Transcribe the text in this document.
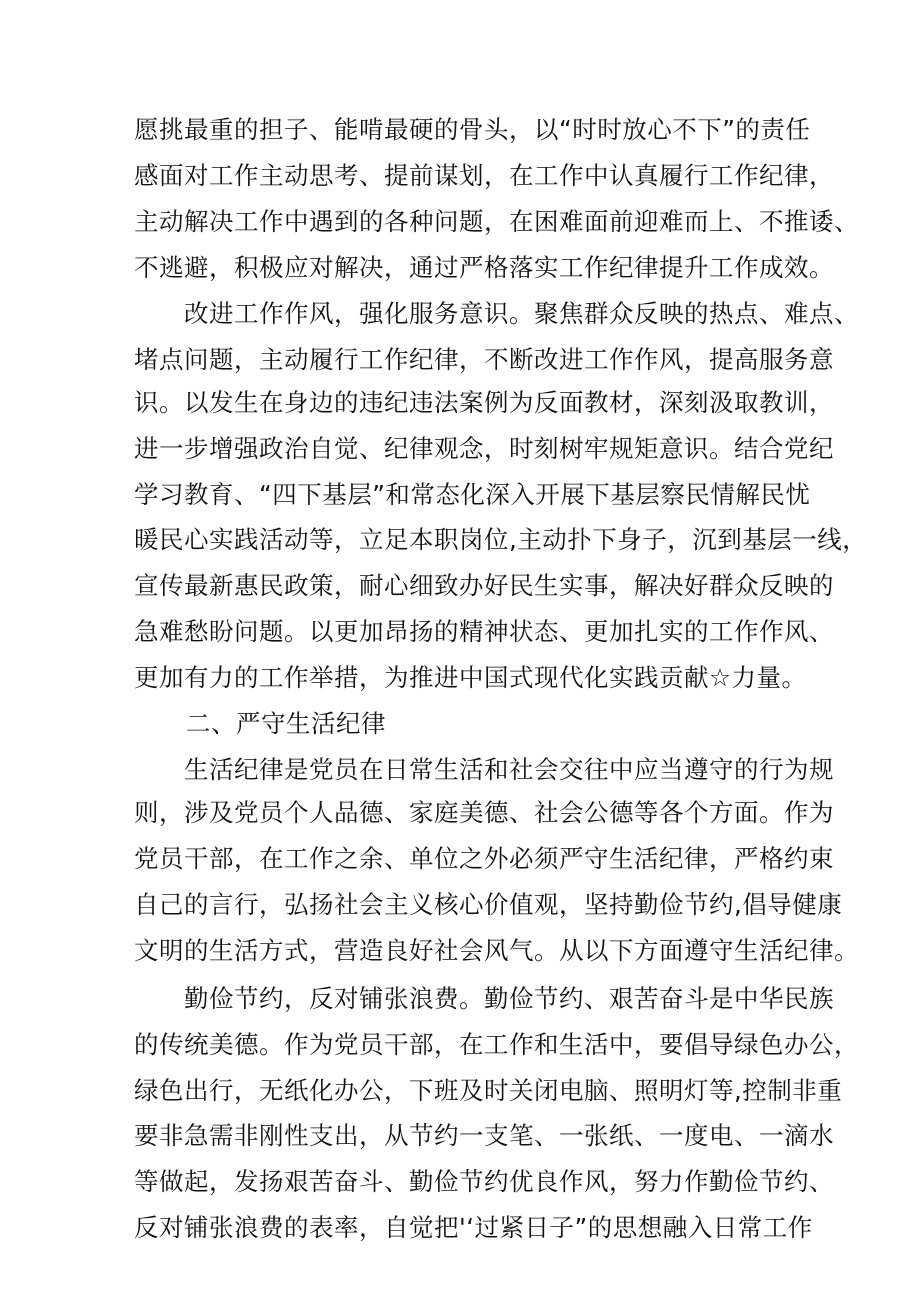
愿挑最重的担子、能啃最硬的骨头，以“时时放心不下”的责任
感面对工作主动思考、提前谋划，在工作中认真履行工作纪律，
主动解决工作中遇到的各种问题，在困难面前迎难而上、不推诿、
不逃避，积极应对解决，通过严格落实工作纪律提升工作成效。
改进工作作风，强化服务意识。聚焦群众反映的热点、难点、
堵点问题，主动履行工作纪律，不断改进工作作风，提高服务意
识。以发生在身边的违纪违法案例为反面教材，深刻汲取教训，
进一步增强政治自觉、纪律观念，时刻树牢规矩意识。结合党纪
学习教育、“四下基层”和常态化深入开展下基层察民情解民忧
暖民心实践活动等，立足本职岗位,主动扑下身子，沉到基层一线，
宣传最新惠民政策，耐心细致办好民生实事，解决好群众反映的
急难愁盼问题。以更加昂扬的精神状态、更加扎实的工作作风、
更加有力的工作举措，为推进中国式现代化实践贡献☆力量。
二、严守生活纪律
生活纪律是党员在日常生活和社会交往中应当遵守的行为规
则，涉及党员个人品德、家庭美德、社会公德等各个方面。作为
党员干部，在工作之余、单位之外必须严守生活纪律，严格约束
自己的言行，弘扬社会主义核心价值观，坚持勤俭节约,倡导健康
文明的生活方式，营造良好社会风气。从以下方面遵守生活纪律。
勤俭节约，反对铺张浪费。勤俭节约、艰苦奋斗是中华民族
的传统美德。作为党员干部，在工作和生活中，要倡导绿色办公，
绿色出行，无纸化办公，下班及时关闭电脑、照明灯等,控制非重
要非急需非刚性支出，从节约一支笔、一张纸、一度电、一滴水
等做起，发扬艰苦奋斗、勤俭节约优良作风，努力作勤俭节约、
反对铺张浪费的表率，自觉把'‘过紧日子”的思想融入日常工作
